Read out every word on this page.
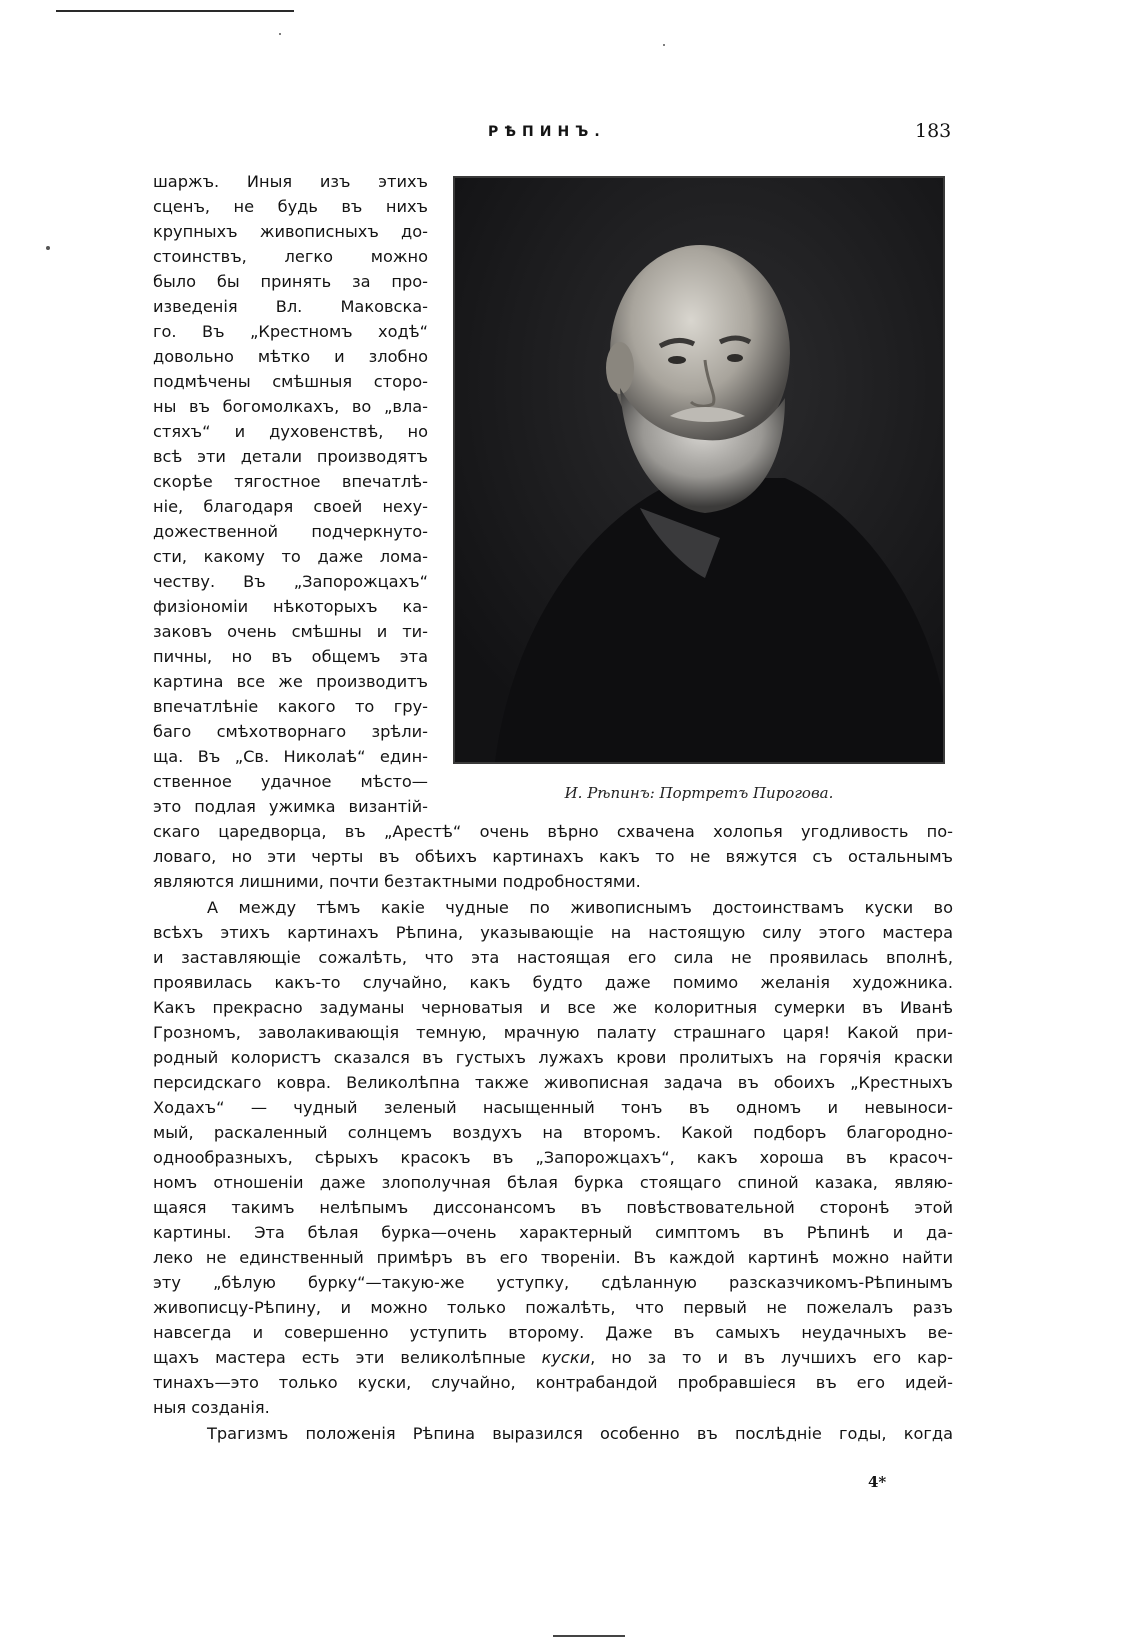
РѢПИНЪ.	183
И. Рѣпинъ: Портретъ Пирогова.

шаржъ. Иныя изъ этихъ

сценъ, не будь въ нихъ

крупныхъ живописныхъ до-

стоинствъ, легко можно

было бы принять за про-

изведенія Вл. Маковска-

го. Въ „Крестномъ ходѣ“

довольно мѣтко и злобно

подмѣчены смѣшныя сторо-

ны въ богомолкахъ, во „вла-

стяхъ“ и духовенствѣ, но

всѣ эти детали производятъ

скорѣе тягостное впечатлѣ-

ніе, благодаря своей неху-

дожественной подчеркнуто-

сти, какому то даже лома-

честву. Въ „Запорожцахъ“

физіономіи нѣкоторыхъ ка-

заковъ очень смѣшны и ти-

пичны, но въ общемъ эта

картина все же производитъ

впечатлѣніе какого то гру-

баго смѣхотворнаго зрѣли-

ща. Въ „Св. Николаѣ“ един-

ственное удачное мѣсто—

это подлая ужимка византій-

скаго царедворца, въ „Арестѣ“ очень вѣрно схвачена холопья угодливость по-

ловаго, но эти черты въ обѣихъ картинахъ какъ то не вяжутся съ остальнымъ

являются лишними, почти безтактными подробностями.

А между тѣмъ какіе чудные по живописнымъ достоинствамъ куски во

всѣхъ этихъ картинахъ Рѣпина, указывающіе на настоящую силу этого мастера

и заставляющіе сожалѣть, что эта настоящая его сила не проявилась вполнѣ,

проявилась какъ-то случайно, какъ будто даже помимо желанія художника.

Какъ прекрасно задуманы черноватыя и все же колоритныя сумерки въ Иванѣ

Грозномъ, заволакивающія темную, мрачную палату страшнаго царя! Какой при-

родный колористъ сказался въ густыхъ лужахъ крови пролитыхъ на горячія краски

персидскаго ковра. Великолѣпна также живописная задача въ обоихъ „Крестныхъ

Ходахъ“ — чудный зеленый насыщенный тонъ въ одномъ и невыноси-

мый, раскаленный солнцемъ воздухъ на второмъ. Какой подборъ благородно-

однообразныхъ, сѣрыхъ красокъ въ „Запорожцахъ“, какъ хороша въ красоч-

номъ отношеніи даже злополучная бѣлая бурка стоящаго спиной казака, являю-

щаяся такимъ нелѣпымъ диссонансомъ въ повѣствовательной сторонѣ этой

картины. Эта бѣлая бурка—очень характерный симптомъ въ Рѣпинѣ и да-

леко не единственный примѣръ въ его твореніи. Въ каждой картинѣ можно найти

эту „бѣлую бурку“—такую-же уступку, сдѣланную разсказчикомъ-Рѣпинымъ

живописцу-Рѣпину, и можно только пожалѣть, что первый не пожелалъ разъ

навсегда и совершенно уступить второму. Даже въ самыхъ неудачныхъ ве-

щахъ мастера есть эти великолѣпные куски, но за то и въ лучшихъ его кар-

тинахъ—это только куски, случайно, контрабандой пробравшіеся въ его идей-

ныя созданія.

Трагизмъ положенія Рѣпина выразился особенно въ послѣдніе годы, когда

4*
